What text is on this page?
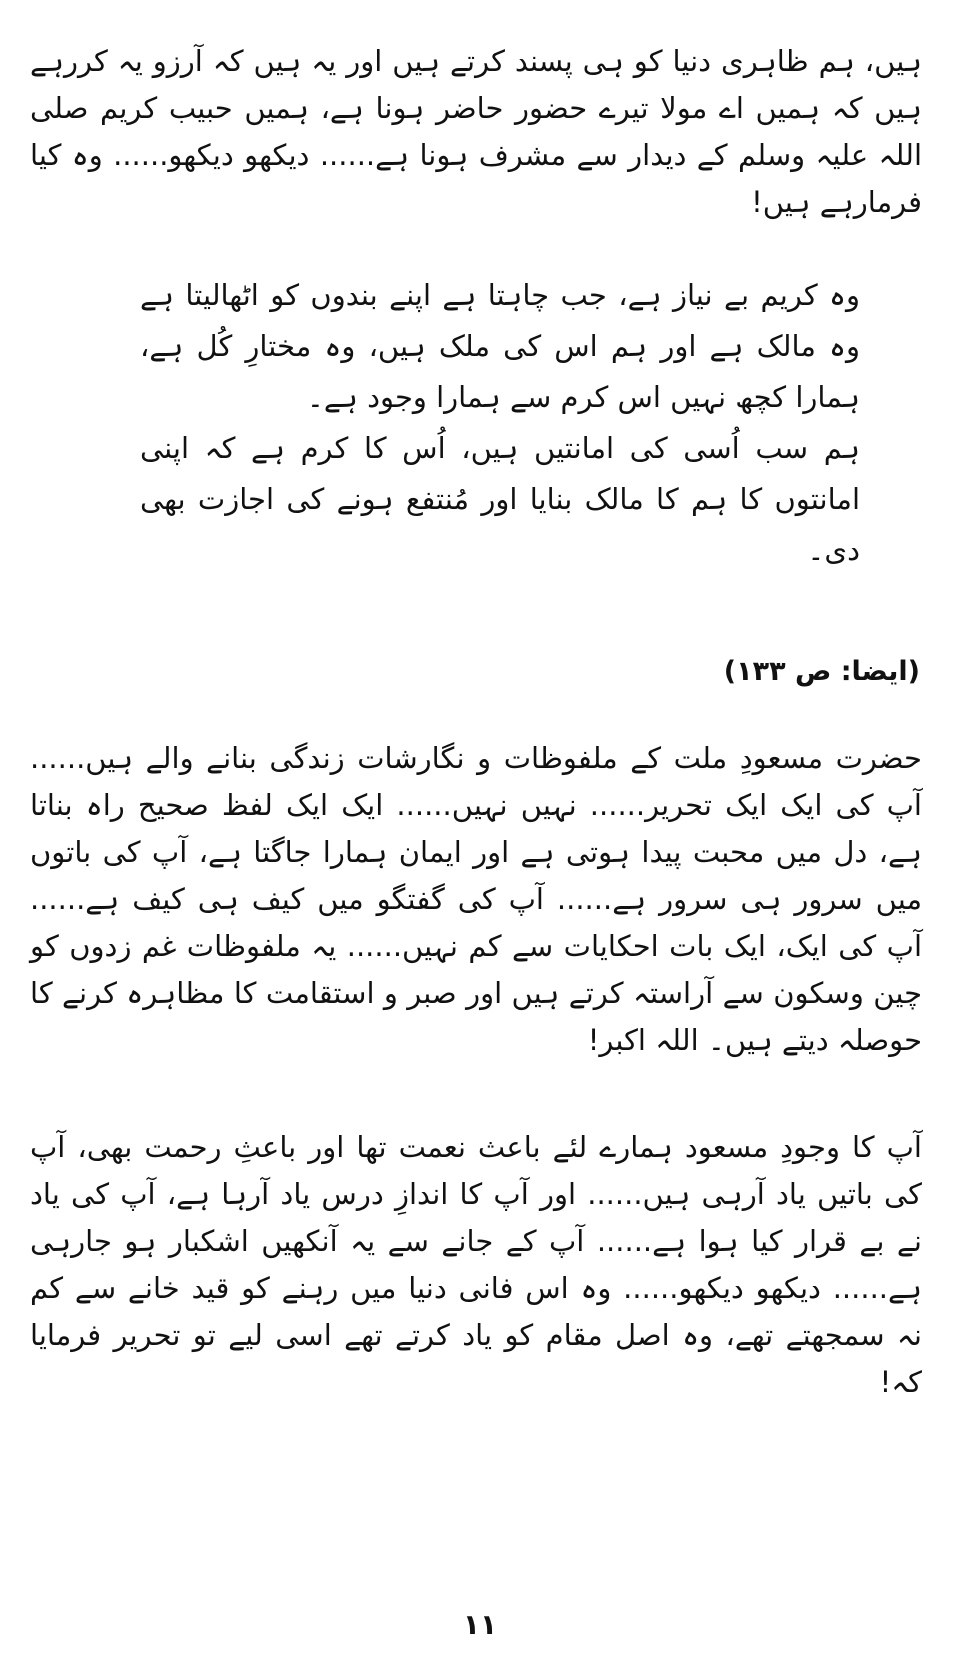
ہیں، ہم ظاہری دنیا کو ہی پسند کرتے ہیں اور یہ ہیں کہ آرزو یہ کررہے ہیں کہ ہمیں اے مولا تیرے حضور حاضر ہونا ہے، ہمیں حبیب کریم صلی اللہ علیہ وسلم کے دیدار سے مشرف ہونا ہے...... دیکھو دیکھو...... وہ کیا فرمارہے ہیں!

وہ کریم بے نیاز ہے، جب چاہتا ہے اپنے بندوں کو اٹھالیتا ہے وہ مالک ہے اور ہم اس کی ملک ہیں، وہ مختارِ کُل ہے، ہمارا کچھ نہیں اس کرم سے ہمارا وجود ہے۔

ہم سب اُسی کی امانتیں ہیں، اُس کا کرم ہے کہ اپنی امانتوں کا ہم کا مالک بنایا اور مُنتفع ہونے کی اجازت بھی دی۔

(ایضا: ص ۱۳۳)

حضرت مسعودِ ملت کے ملفوظات و نگارشات زندگی بنانے والے ہیں...... آپ کی ایک ایک تحریر...... نہیں نہیں...... ایک ایک لفظ صحیح راہ بناتا ہے، دل میں محبت پیدا ہوتی ہے اور ایمان ہمارا جاگتا ہے، آپ کی باتوں میں سرور ہی سرور ہے...... آپ کی گفتگو میں کیف ہی کیف ہے...... آپ کی ایک، ایک بات احکایات سے کم نہیں...... یہ ملفوظات غم زدوں کو چین وسکون سے آراستہ کرتے ہیں اور صبر و استقامت کا مظاہرہ کرنے کا حوصلہ دیتے ہیں۔ اللہ اکبر!

آپ کا وجودِ مسعود ہمارے لئے باعث نعمت تھا اور باعثِ رحمت بھی، آپ کی باتیں یاد آرہی ہیں...... اور آپ کا اندازِ درس یاد آرہا ہے، آپ کی یاد نے بے قرار کیا ہوا ہے...... آپ کے جانے سے یہ آنکھیں اشکبار ہو جارہی ہے...... دیکھو دیکھو...... وہ اس فانی دنیا میں رہنے کو قید خانے سے کم نہ سمجھتے تھے، وہ اصل مقام کو یاد کرتے تھے اسی لیے تو تحریر فرمایا کہ!

۱۱
